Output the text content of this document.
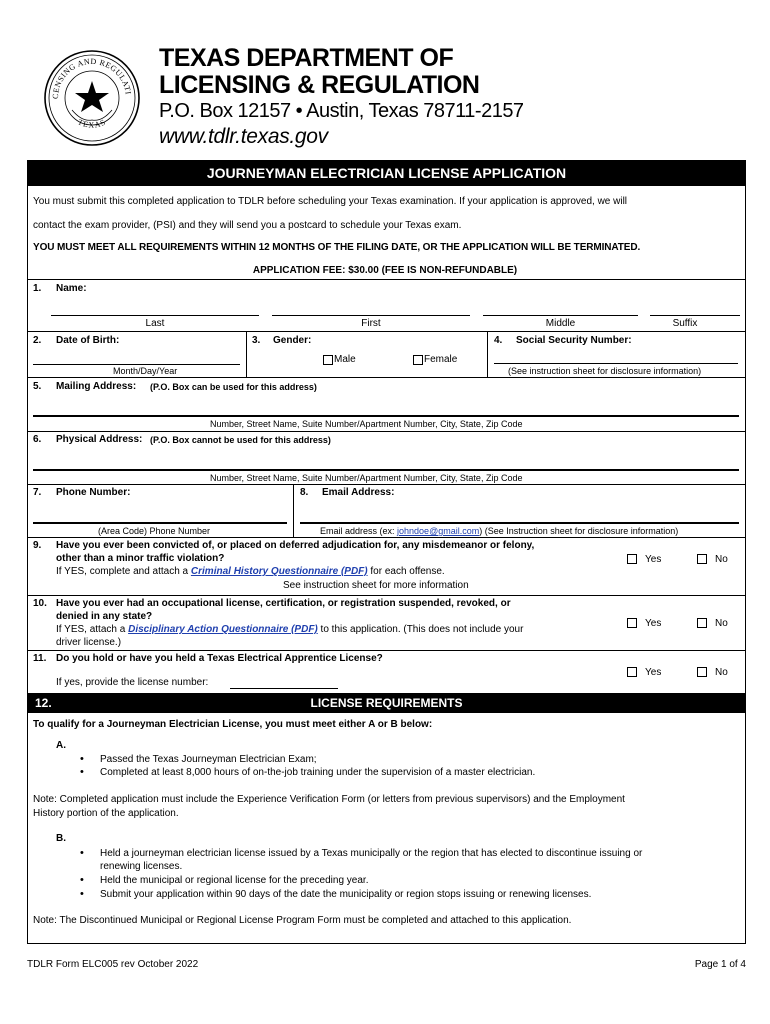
CENSING AND REGULATI
TEXAS
TEXAS DEPARTMENT OF
LICENSING & REGULATION
P.O. Box 12157 • Austin, Texas 78711-2157
www.tdlr.texas.gov
JOURNEYMAN ELECTRICIAN LICENSE APPLICATION
You must submit this completed application to TDLR before scheduling your Texas examination. If your application is approved, we will
contact the exam provider, (PSI) and they will send you a postcard to schedule your Texas exam.
YOU MUST MEET ALL REQUIREMENTS WITHIN 12 MONTHS OF THE FILING DATE, OR THE APPLICATION WILL BE TERMINATED.
APPLICATION FEE: $30.00 (FEE IS NON-REFUNDABLE)
1. Name:
Last	First	Middle	Suffix
2. Date of Birth:
Month/Day/Year
3. Gender:
Male	Female
4. Social Security Number:
(See instruction sheet for disclosure information)
5. Mailing Address: (P.O. Box can be used for this address)
Number, Street Name, Suite Number/Apartment Number, City, State, Zip Code
6. Physical Address: (P.O. Box cannot be used for this address)
Number, Street Name, Suite Number/Apartment Number, City, State, Zip Code
7. Phone Number:
(Area Code) Phone Number
8. Email Address:
Email address (ex: johndoe@gmail.com) (See Instruction sheet for disclosure information)
9. Have you ever been convicted of, or placed on deferred adjudication for, any misdemeanor or felony,
other than a minor traffic violation?
If YES, complete and attach a Criminal History Questionnaire (PDF) for each offense.
See instruction sheet for more information
Yes	No
10. Have you ever had an occupational license, certification, or registration suspended, revoked, or
denied in any state?
If YES, attach a Disciplinary Action Questionnaire (PDF) to this application. (This does not include your
driver license.)
Yes	No
11. Do you hold or have you held a Texas Electrical Apprentice License?
If yes, provide the license number:
Yes	No
12.	LICENSE REQUIREMENTS
To qualify for a Journeyman Electrician License, you must meet either A or B below:
A.
• Passed the Texas Journeyman Electrician Exam;
• Completed at least 8,000 hours of on-the-job training under the supervision of a master electrician.
Note: Completed application must include the Experience Verification Form (or letters from previous supervisors) and the Employment
History portion of the application.
B.
• Held a journeyman electrician license issued by a Texas municipally or the region that has elected to discontinue issuing or
renewing licenses.
• Held the municipal or regional license for the preceding year.
• Submit your application within 90 days of the date the municipality or region stops issuing or renewing licenses.
Note: The Discontinued Municipal or Regional License Program Form must be completed and attached to this application.
TDLR Form ELC005 rev October 2022	Page 1 of 4
